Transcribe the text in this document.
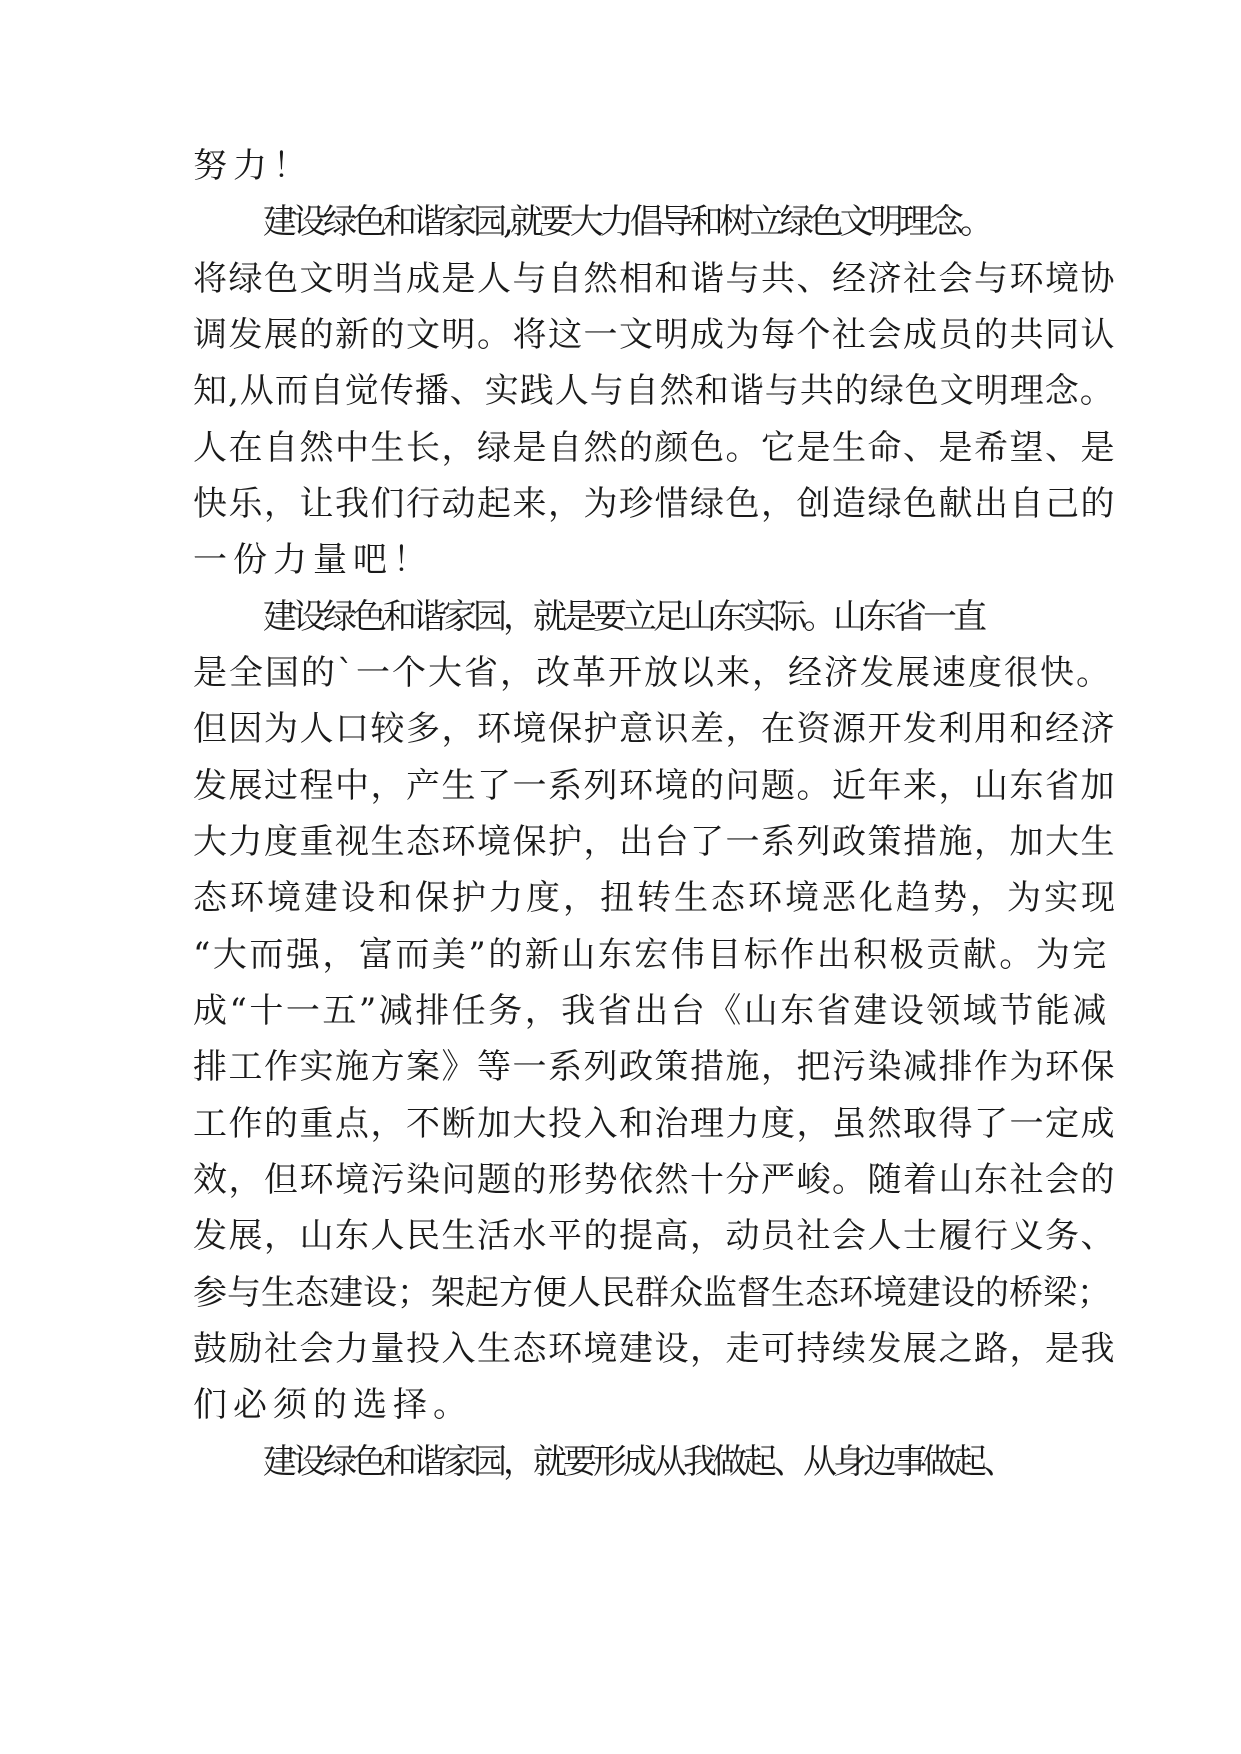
努力！
建设绿色和谐家园,就要大力倡导和树立绿色文明理念。
将绿色文明当成是人与自然相和谐与共、经济社会与环境协
调发展的新的文明。将这一文明成为每个社会成员的共同认
知,从而自觉传播、实践人与自然和谐与共的绿色文明理念。
人在自然中生长，绿是自然的颜色。它是生命、是希望、是
快乐，让我们行动起来，为珍惜绿色，创造绿色献出自己的
一份力量吧！
建设绿色和谐家园，就是要立足山东实际。山东省一直
是全国的`一个大省，改革开放以来，经济发展速度很快。
但因为人口较多，环境保护意识差，在资源开发利用和经济
发展过程中，产生了一系列环境的问题。近年来，山东省加
大力度重视生态环境保护，出台了一系列政策措施，加大生
态环境建设和保护力度，扭转生态环境恶化趋势，为实现
“大而强，富而美”的新山东宏伟目标作出积极贡献。为完
成“十一五”减排任务，我省出台《山东省建设领域节能减
排工作实施方案》等一系列政策措施，把污染减排作为环保
工作的重点，不断加大投入和治理力度，虽然取得了一定成
效，但环境污染问题的形势依然十分严峻。随着山东社会的
发展，山东人民生活水平的提高，动员社会人士履行义务、
参与生态建设；架起方便人民群众监督生态环境建设的桥梁；
鼓励社会力量投入生态环境建设，走可持续发展之路，是我
们必须的选择。
建设绿色和谐家园，就要形成从我做起、从身边事做起、
